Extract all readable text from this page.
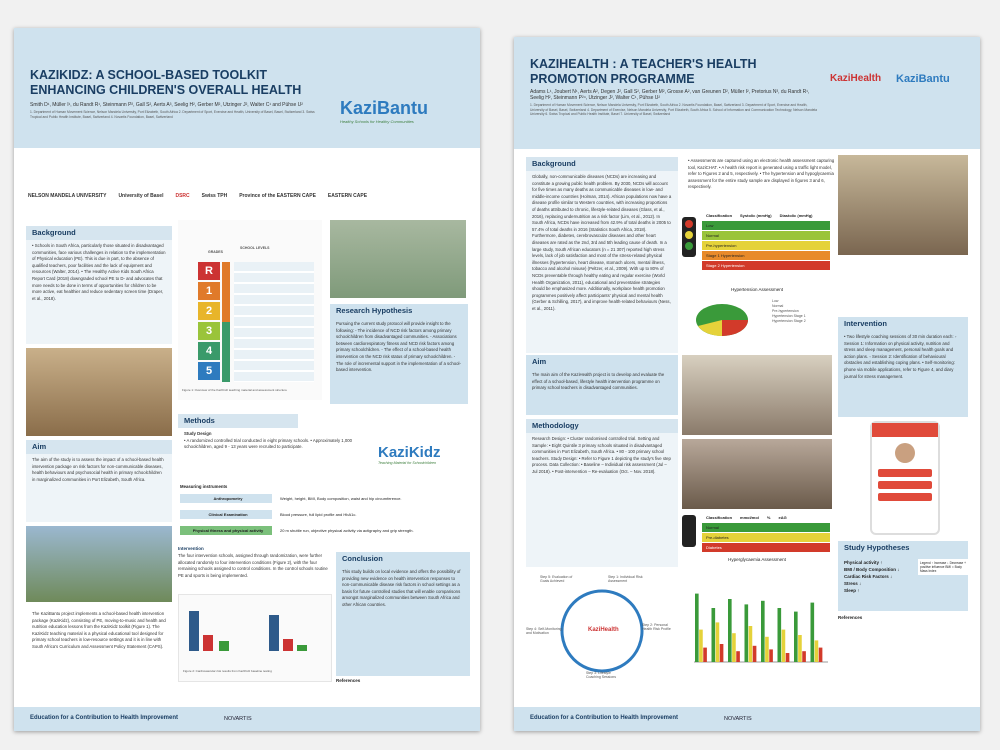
KAZIKIDZ: A SCHOOL-BASED TOOLKIT ENHANCING CHILDREN'S OVERALL HEALTH
Smith D¹, Müller I¹, du Randt R¹, Steinmann P², Gall S², Aerts A³, Seelig H², Gerber M², Utzinger J², Walter C¹ and Pühse U²
1. Department of Human Movement Science, Nelson Mandela University, Port Elizabeth, South Africa 2. Department of Sport, Exercise and Health, University of Basel, Basel, Switzerland 3. Swiss Tropical and Public Health Institute, Basel, Switzerland 4. Novartis Foundation, Basel, Switzerland	KaziBantu
Healthy Schools for Healthy Communities
NELSON MANDELA UNIVERSITY University of Basel DSRC Swiss TPH Province of the EASTERN CAPE EASTERN CAPE
Background
• Schools in South Africa, particularly those situated in disadvantaged communities, face various challenges in relation to the implementation of Physical education (PE). This is due in part, to the absence of qualified teachers, poor facilities and the lack of equipment and resources (Walter, 2014). • The Healthy Active Kids South Africa Report Card (2018) downgraded school PE to D- and advocates that more needs to be done in terms of opportunities for children to be more active, eat healthier and reduce sedentary screen time (Draper, et al., 2018).
GRADES
SCHOOL LEVELS
R
1
2
3
4
5
Figure 1: Overview of the KaziKidz teaching material and assessment structure
Research Hypothesis
Pursuing the current study protocol will provide insight to the following: - The incidence of NCD risk factors among primary schoolchildren from disadvantaged communities. - Associations between cardiorespiratory fitness and NCD risk factors among primary schoolchildren. - The effect of a school-based health intervention on the NCD risk status of primary schoolchildren. - The role of incremental support in the implementation of a school-based intervention.
Aim
The aim of the study is to assess the impact of a school-based health intervention package on risk factors for non-communicable diseases, health behaviours and psychosocial health in primary schoolchildren in marginalized communities in Port Elizabeth, South Africa.
Methods
Study Design
• A randomized controlled trial conducted in eight primary schools. • Approximately 1,000 schoolchildren, aged 9 - 13 years were recruited to participate.	KaziKidz
Teaching Material for Schoolchildren
Measuring instruments
Anthropometry	Weight, height, BMI, Body composition, waist and hip circumference.
Clinical Examination	Blood pressure, full lipid profile and HbA1c.
Physical fitness and physical activity	20 m shuttle run, objective physical activity via actigraphy and grip strength.
The KaziBantu project implements a school-based health intervention package (KaziKidz), consisting of PE, moving-to-music and health and nutrition education lessons from the KaziKidz toolkit (Figure 1). The KaziKidz teaching material is a physical educational tool designed for primary school teachers in low-resource settings and it is in line with South Africa's Curriculum and Assessment Policy Statement (CAPS).
Intervention
The four intervention schools, assigned through randomization, were further allocated randomly to four intervention conditions (Figure 2), with the four remaining schools assigned to control conditions. In the control schools routine PE and sports is being implemented.
Figure 2: Cardiovascular risk results from KaziKidz baseline testing
Conclusion
This study builds on local evidence and offers the possibility of providing new evidence on health intervention responses to non-communicable disease risk factors in school settings as a basis for future controlled studies that will enable comparisons amongst marginalized communities between South Africa and other African countries.
References
Education for a Contribution to Health Improvement	NOVARTIS
KAZIHEALTH : A TEACHER'S HEALTH PROMOTION PROGRAMME
Adams L¹, Joubert N¹, Aerts A², Degen J², Gall S², Gerber M², Grosse A², van Greunen D², Müller I², Pretorius N³, du Randt R¹, Seelig H², Steinmann P²⁴, Utzinger J², Walter C¹, Pühse U²
1. Department of Human Movement Science, Nelson Mandela University, Port Elizabeth, South Africa 2. Novartis Foundation, Basel, Switzerland 3. Department of Sport, Exercise and Health, University of Basel, Basel, Switzerland 4. Department of Exercise, Nelson Mandela University, Port Elizabeth, South Africa 5. School of Information and Communication Technology, Nelson Mandela University 6. Swiss Tropical and Public Health Institute, Basel 7. University of Basel, Switzerland
KaziHealth	KaziBantu
Background
Globally, non-communicable diseases (NCDs) are increasing and constitute a growing public health problem. By 2030, NCDs will account for five times as many deaths as communicable diseases in low- and middle-income countries (Holman, 2014). African populations now have a disease profile similar to Western countries, with increasing proportions of deaths attributed to chronic, lifestyle-related diseases (Glass, et al., 2016), replacing undernutrition as a risk factor (Lim, et al., 2012). In South Africa, NCDs have increased from 42.9% of total deaths in 2005 to 57.4% of total deaths in 2016 (Statistics South Africa, 2018). Furthermore, diabetes, cerebrovascular diseases and other heart diseases are rated as the 2nd, 3rd and 5th leading cause of death. In a large study, South African educators (n = 21 307) reported high stress levels, lack of job satisfaction and most of the stress-related physical illnesses (hypertension, heart disease, stomach ulcers, mental illness, tobacco and alcohol misuse) (Peltzer, et al., 2009). With up to 80% of NCDs preventable through healthy eating and regular exercise (World Health Organization, 2011), educational and preventative strategies should be emphasized more. Additionally, workplace health promotion programmes positively affect participants' physical and mental health (Gerber & Schilling, 2017), and improve health-related behaviours (Ness, et al., 2011).
• Assessments are captured using an electronic health assessment capturing tool, KaziCHAT. • A health risk report is generated using a traffic light model, refer to Figures 2 and 5, respectively. • The hypertension and hypoglycaemia assessment for the entire study sample are displayed in figures 3 and 6, respectively.
Classification Systolic (mmHg) Diastolic (mmHg)
Low
Normal
Pre-hypertension
Stage 1 Hypertension
Stage 2 Hypertension
Hypertension Assessment
Low
Normal
Pre-hypertension
Hypertension Stage 1
Hypertension Stage 2
Aim
The main aim of the KaziHealth project is to develop and evaluate the effect of a school-based, lifestyle health intervention programme on primary school teachers in disadvantaged communities.
Intervention
• Two lifestyle coaching sessions of 30 min duration each: ◦ Session 1: Information on physical activity, nutrition and stress and sleep management, personal health goals and action plans. ◦ Session 2: Identification of behavioural obstacles and establishing coping plans. • Self-monitoring: phone via mobile applications, refer to Figure 4, and diary journal for stress management.
Methodology
Research Design: • Cluster randomised controlled trial. Setting and Sample: • Eight Quintile 3 primary schools situated in disadvantaged communities in Port Elizabeth, South Africa. • 80 - 100 primary school teachers. Study Design: • Refer to Figure 1 depicting the study's five step process. Data Collection: • Baseline – Individual risk assessment (Jul – Jul 2018). • Post-intervention – Re-evaluation (Oct. – Nov. 2018).
Classification mmol/mol % eAG
Normal
Pre-diabetes
Diabetes
KaziHealth
Step 1: Individual Risk Assessment
Step 2: Personal Health Risk Profile
Step 3: Lifestyle Coaching Sessions
Step 4: Self-Monitoring and Motivation
Step 5: Evaluation of Goals Achieved
Hyperglycaemia Assessment
Study Hypotheses
Physical activity ↑
BMI / Body Composition ↓
Cardiac Risk Factors ↓
Stress ↓
Sleep ↑
Legend ↑ Increase ↓ Decrease + positive influence BMI = Body Mass Index
References
Education for a Contribution to Health Improvement	NOVARTIS
